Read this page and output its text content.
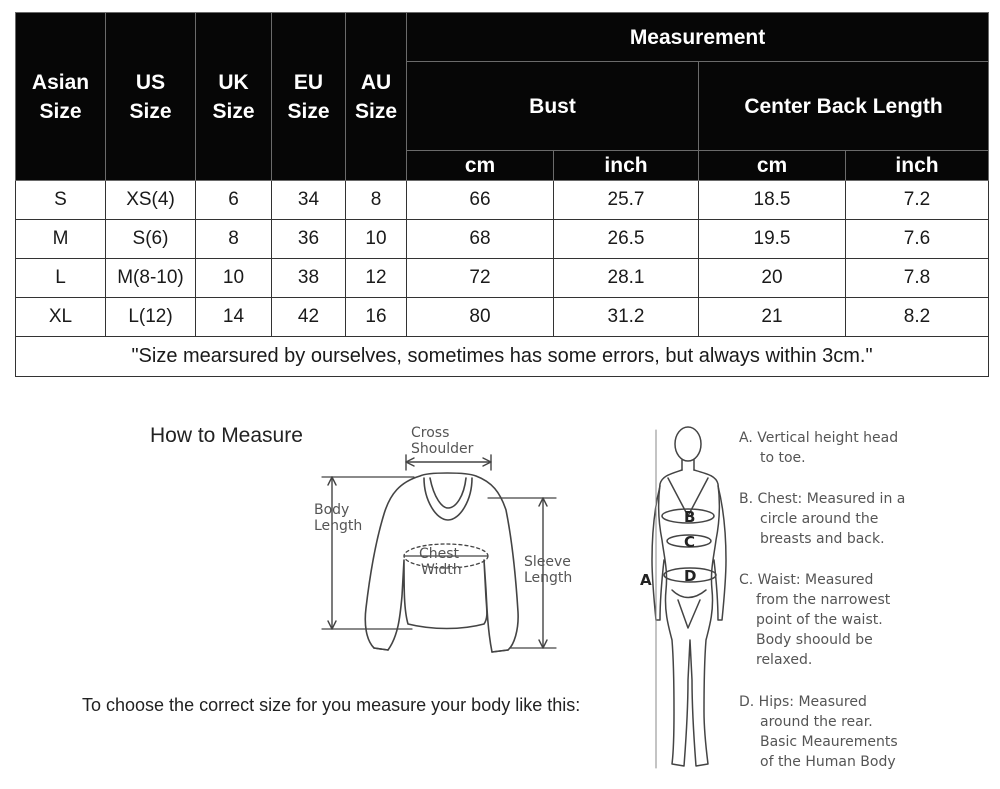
Asian Size	US Size	UK Size	EU Size	AU Size	Measurement			
					Bust		Center Back Length	
					cm	inch	cm	inch
S	XS(4)	6	34	8	66	25.7	18.5	7.2
M	S(6)	8	36	10	68	26.5	19.5	7.6
L	M(8-10)	10	38	12	72	28.1	20	7.8
XL	L(12)	14	42	16	80	31.2	21	8.2
"Size mearsured by ourselves, sometimes has some errors, but always within 3cm."								
How to Measure	Cross
Shoulder
Body
Length
Chest
Width	Sleeve
Length
To choose the correct size for you measure your body like this:
A
B
C
D
A. Vertical height head
to toe.
B. Chest: Measured in a
circle around the
breasts and back.
C. Waist: Measured
from the narrowest
point of the waist.
Body shoould be
relaxed.
D. Hips: Measured
around the rear.
Basic Meaurements
of the Human Body
